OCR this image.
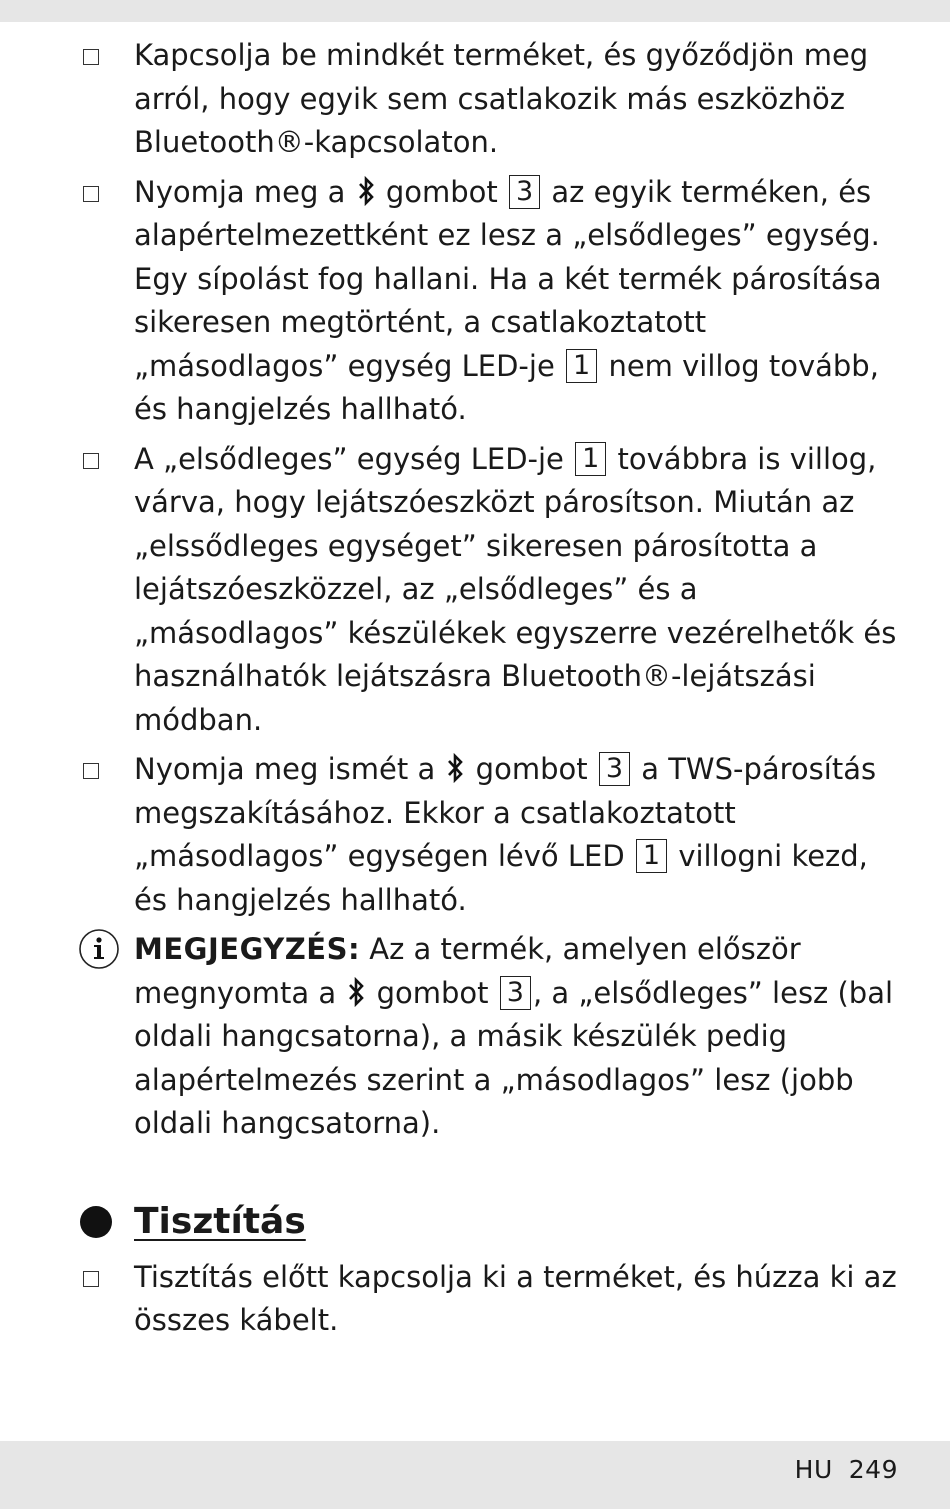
Kapcsolja be mindkét terméket, és győződjön meg arról, hogy egyik sem csatlakozik más eszközhöz Bluetooth®-kapcsolaton.
Nyomja meg a gombot 3 az egyik terméken, és alapértelmezettként ez lesz a „elsődleges” egység. Egy sípolást fog hallani. Ha a két termék párosítása sikeresen megtörtént, a csatlakoztatott „másodlagos” egység LED-je 1 nem villog tovább, és hangjelzés hallható.
A „elsődleges” egység LED-je 1 továbbra is villog, várva, hogy lejátszóeszközt párosítson. Miután az „elssődleges egységet” sikeresen párosította a lejátszóeszközzel, az „elsődleges” és a „másodlagos” készülékek egyszerre vezérelhetők és használhatók lejátszásra Bluetooth®-lejátszási módban.
Nyomja meg ismét a gombot 3 a TWS-párosítás megszakításához. Ekkor a csatlakoztatott „másodlagos” egységen lévő LED 1 villogni kezd, és hangjelzés hallható.
MEGJEGYZÉS: Az a termék, amelyen először megnyomta a gombot 3 , a „elsődleges” lesz (bal oldali hangcsatorna), a másik készülék pedig alapértelmezés szerint a „másodlagos” lesz (jobb oldali hangcsatorna).
Tisztítás
Tisztítás előtt kapcsolja ki a terméket, és húzza ki az összes kábelt.
HU 249
